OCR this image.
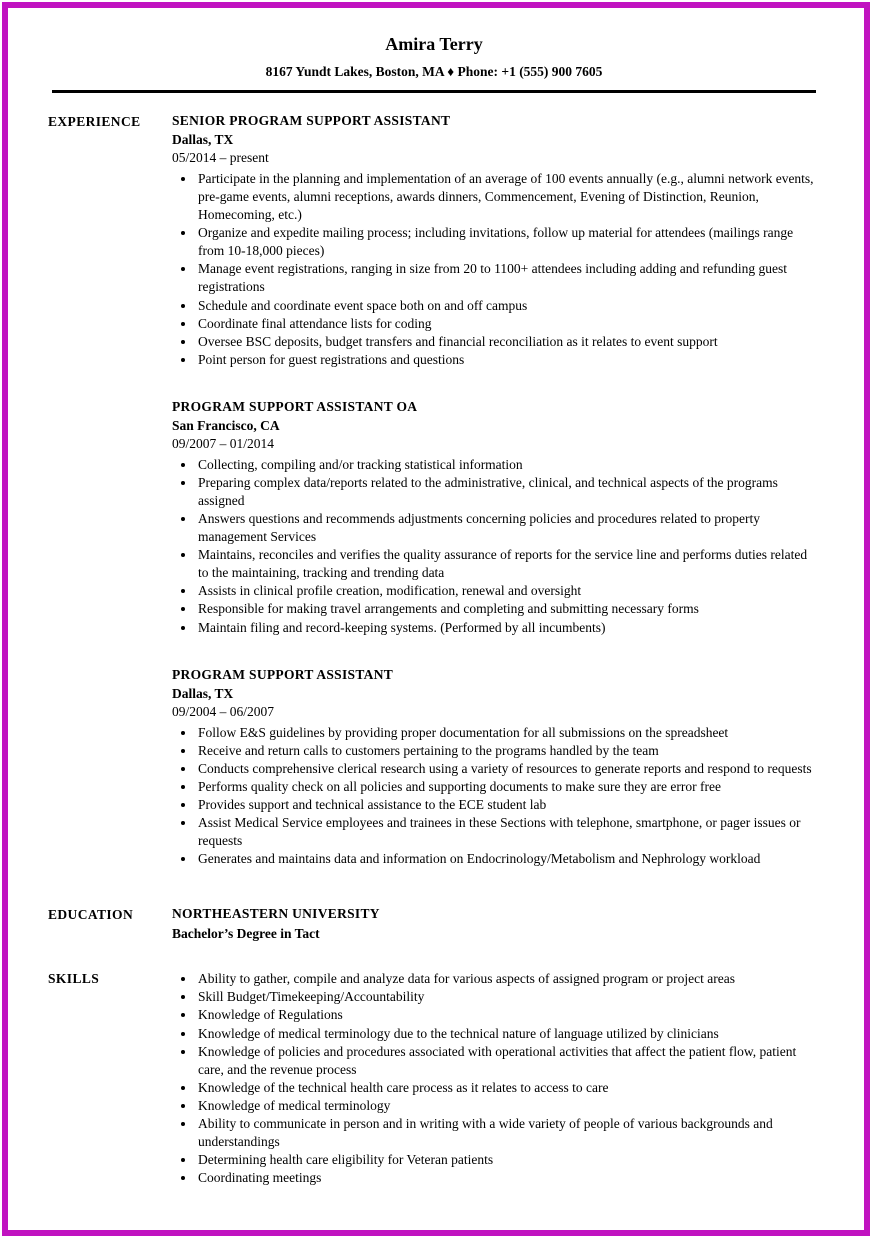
Amira Terry
8167 Yundt Lakes, Boston, MA ♦ Phone: +1 (555) 900 7605
EXPERIENCE	SENIOR PROGRAM SUPPORT ASSISTANT
Dallas, TX
05/2014 – present
• Participate in the planning and implementation of an average of 100 events annually (e.g., alumni network events, pre-game events, alumni receptions, awards dinners, Commencement, Evening of Distinction, Reunion, Homecoming, etc.)
• Organize and expedite mailing process; including invitations, follow up material for attendees (mailings range from 10-18,000 pieces)
• Manage event registrations, ranging in size from 20 to 1100+ attendees including adding and refunding guest registrations
• Schedule and coordinate event space both on and off campus
• Coordinate final attendance lists for coding
• Oversee BSC deposits, budget transfers and financial reconciliation as it relates to event support
• Point person for guest registrations and questions
PROGRAM SUPPORT ASSISTANT OA
San Francisco, CA
09/2007 – 01/2014
• Collecting, compiling and/or tracking statistical information
• Preparing complex data/reports related to the administrative, clinical, and technical aspects of the programs assigned
• Answers questions and recommends adjustments concerning policies and procedures related to property management Services
• Maintains, reconciles and verifies the quality assurance of reports for the service line and performs duties related to the maintaining, tracking and trending data
• Assists in clinical profile creation, modification, renewal and oversight
• Responsible for making travel arrangements and completing and submitting necessary forms
• Maintain filing and record-keeping systems. (Performed by all incumbents)
PROGRAM SUPPORT ASSISTANT
Dallas, TX
09/2004 – 06/2007
• Follow E&S guidelines by providing proper documentation for all submissions on the spreadsheet
• Receive and return calls to customers pertaining to the programs handled by the team
• Conducts comprehensive clerical research using a variety of resources to generate reports and respond to requests
• Performs quality check on all policies and supporting documents to make sure they are error free
• Provides support and technical assistance to the ECE student lab
• Assist Medical Service employees and trainees in these Sections with telephone, smartphone, or pager issues or requests
• Generates and maintains data and information on Endocrinology/Metabolism and Nephrology workload
EDUCATION	NORTHEASTERN UNIVERSITY
Bachelor’s Degree in Tact
SKILLS	• Ability to gather, compile and analyze data for various aspects of assigned program or project areas
• Skill Budget/Timekeeping/Accountability
• Knowledge of Regulations
• Knowledge of medical terminology due to the technical nature of language utilized by clinicians
• Knowledge of policies and procedures associated with operational activities that affect the patient flow, patient care, and the revenue process
• Knowledge of the technical health care process as it relates to access to care
• Knowledge of medical terminology
• Ability to communicate in person and in writing with a wide variety of people of various backgrounds and understandings
• Determining health care eligibility for Veteran patients
• Coordinating meetings
